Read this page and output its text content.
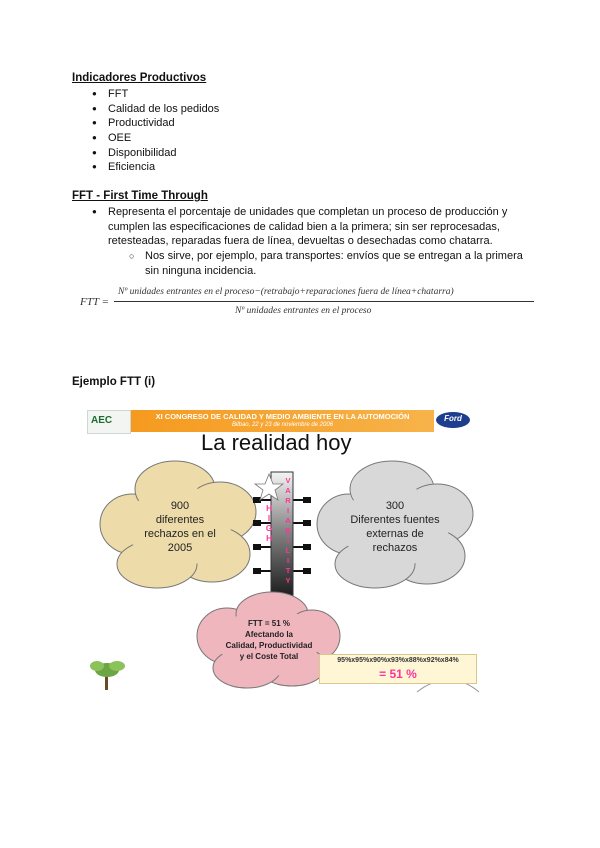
Indicadores Productivos
● FFT
● Calidad de los pedidos
● Productividad
● OEE
● Disponibilidad
● Eficiencia
FFT - First Time Through
● Representa el porcentaje de unidades que completan un proceso de producción y cumplen las especificaciones de calidad bien a la primera; sin ser reprocesadas, retesteadas, reparadas fuera de línea, devueltas o desechadas como chatarra.
○ Nos sirve, por ejemplo, para transportes: envíos que se entregan a la primera sin ninguna incidencia.
FTT =
Nº unidades entrantes en el proceso−(retrabajo+reparaciones fuera de línea+chatarra)
Nº unidades entrantes en el proceso
Ejemplo FTT (i)
AEC	XI CONGRESO DE CALIDAD Y MEDIO AMBIENTE EN LA AUTOMOCIÓN
Bilbao, 22 y 23 de noviembre de 2006
Ford
La realidad hoy
H
I
G
H
V
A
R
I
A
B
I
L
I
T
Y
900
diferentes
rechazos en el
2005
300
Diferentes fuentes
externas de
rechazos
FTT = 51 %
Afectando la
Calidad, Productividad
y el Coste Total	95%x95%x90%x93%x88%x92%x84%
= 51 %
